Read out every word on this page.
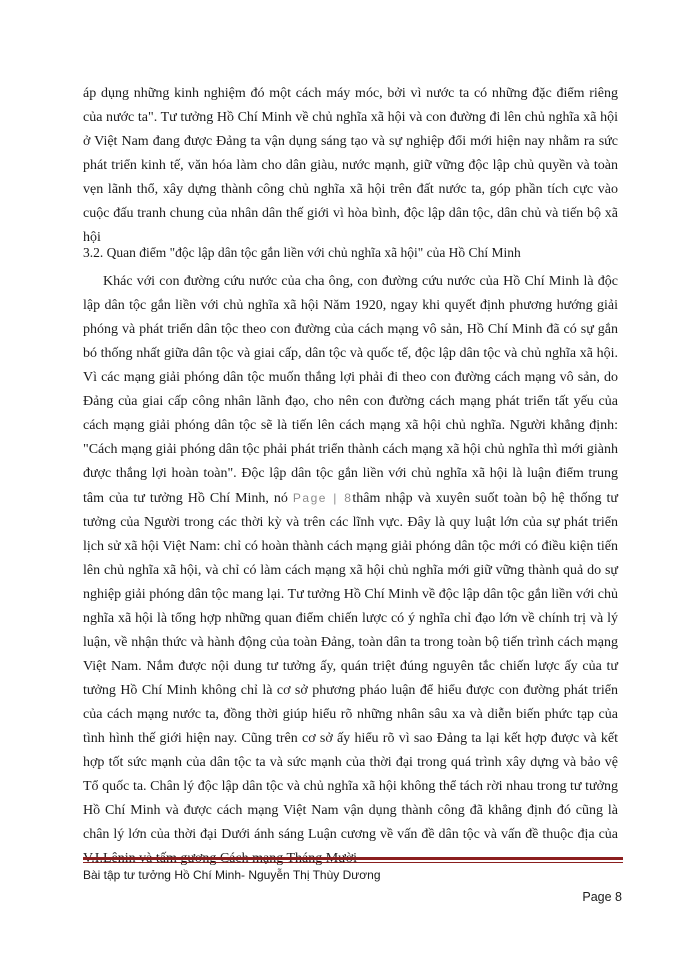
áp dụng những kinh nghiệm đó một cách máy móc, bởi vì nước ta có những đặc điểm riêng của nước ta". Tư tưởng Hồ Chí Minh về chủ nghĩa xã hội và con đường đi lên chủ nghĩa xã hội ở Việt Nam đang được Đảng ta vận dụng sáng tạo và sự nghiệp đổi mới hiện nay nhằm ra sức phát triển kinh tế, văn hóa làm cho dân giàu, nước mạnh, giữ vững độc lập chủ quyền và toàn vẹn lãnh thổ, xây dựng thành công chủ nghĩa xã hội trên đất nước ta, góp phần tích cực vào cuộc đấu tranh chung của nhân dân thế giới vì hòa bình, độc lập dân tộc, dân chủ và tiến bộ xã hội

3.2. Quan điểm "độc lập dân tộc gắn liền với chủ nghĩa xã hội" của Hồ Chí Minh

Khác với con đường cứu nước của cha ông, con đường cứu nước của Hồ Chí Minh là độc lập dân tộc gắn liền với chủ nghĩa xã hội Năm 1920, ngay khi quyết định phương hướng giải phóng và phát triển dân tộc theo con đường của cách mạng vô sản, Hồ Chí Minh đã có sự gắn bó thống nhất giữa dân tộc và giai cấp, dân tộc và quốc tế, độc lập dân tộc và chủ nghĩa xã hội. Vì các mạng giải phóng dân tộc muốn thắng lợi phải đi theo con đường cách mạng vô sản, do Đảng của giai cấp công nhân lãnh đạo, cho nên con đường cách mạng phát triển tất yếu của cách mạng giải phóng dân tộc sẽ là tiến lên cách mạng xã hội chủ nghĩa. Người khẳng định: "Cách mạng giải phóng dân tộc phải phát triển thành cách mạng xã hội chủ nghĩa thì mới giành được thắng lợi hoàn toàn". Độc lập dân tộc gắn liền với chủ nghĩa xã hội là luận điểm trung tâm của tư tưởng Hồ Chí Minh, nó Page | 8thâm nhập và xuyên suốt toàn bộ hệ thống tư tưởng của Người trong các thời kỳ và trên các lĩnh vực. Đây là quy luật lớn của sự phát triển lịch sử xã hội Việt Nam: chỉ có hoàn thành cách mạng giải phóng dân tộc mới có điều kiện tiến lên chủ nghĩa xã hội, và chỉ có làm cách mạng xã hội chủ nghĩa mới giữ vững thành quả do sự nghiệp giải phóng dân tộc mang lại. Tư tưởng Hồ Chí Minh về độc lập dân tộc gắn liền với chủ nghĩa xã hội là tổng hợp những quan điểm chiến lược có ý nghĩa chỉ đạo lớn về chính trị và lý luận, về nhận thức và hành động của toàn Đảng, toàn dân ta trong toàn bộ tiến trình cách mạng Việt Nam. Nắm được nội dung tư tưởng ấy, quán triệt đúng nguyên tắc chiến lược ấy của tư tưởng Hồ Chí Minh không chỉ là cơ sở phương pháo luận để hiểu được con đường phát triển của cách mạng nước ta, đồng thời giúp hiểu rõ những nhân sâu xa và diễn biến phức tạp của tình hình thế giới hiện nay. Cũng trên cơ sở ấy hiểu rõ vì sao Đảng ta lại kết hợp được và kết hợp tốt sức mạnh của dân tộc ta và sức mạnh của thời đại trong quá trình xây dựng và bảo vệ Tổ quốc ta. Chân lý độc lập dân tộc và chủ nghĩa xã hội không thể tách rời nhau trong tư tưởng Hồ Chí Minh và được cách mạng Việt Nam vận dụng thành công đã khẳng định đó cũng là chân lý lớn của thời đại Dưới ánh sáng Luận cương về vấn đề dân tộc và vấn đề thuộc địa của

Bài tập tư tưởng Hồ Chí Minh- Nguyễn Thị Thùy Dương
Page 8
